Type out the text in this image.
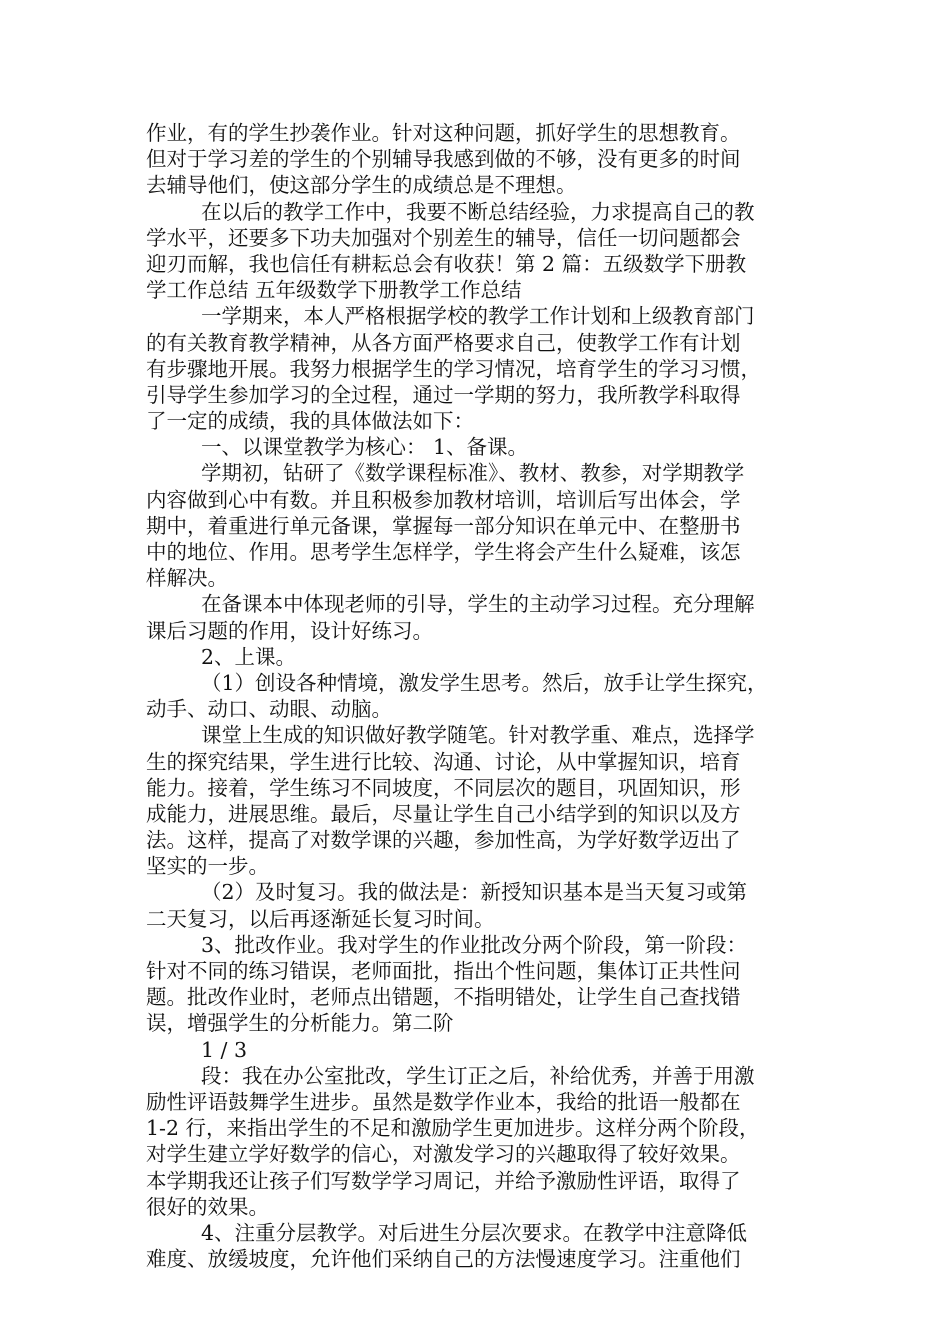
作业，有的学生抄袭作业。针对这种问题，抓好学生的思想教育。
但对于学习差的学生的个别辅导我感到做的不够，没有更多的时间
去辅导他们，使这部分学生的成绩总是不理想。
在以后的教学工作中，我要不断总结经验，力求提高自己的教
学水平，还要多下功夫加强对个别差生的辅导，信任一切问题都会
迎刃而解，我也信任有耕耘总会有收获！第 2 篇：五级数学下册教
学工作总结 五年级数学下册教学工作总结
一学期来，本人严格根据学校的教学工作计划和上级教育部门
的有关教育教学精神，从各方面严格要求自己，使教学工作有计划
有步骤地开展。我努力根据学生的学习情况，培育学生的学习习惯，
引导学生参加学习的全过程，通过一学期的努力，我所教学科取得
了一定的成绩，我的具体做法如下：
一、以课堂教学为核心： 1、备课。
学期初，钻研了《数学课程标准》、教材、教参，对学期教学
内容做到心中有数。并且积极参加教材培训，培训后写出体会，学
期中，着重进行单元备课，掌握每一部分知识在单元中、在整册书
中的地位、作用。思考学生怎样学，学生将会产生什么疑难，该怎
样解决。
在备课本中体现老师的引导，学生的主动学习过程。充分理解
课后习题的作用，设计好练习。
2、上课。
（1）创设各种情境，激发学生思考。然后，放手让学生探究，
动手、动口、动眼、动脑。
课堂上生成的知识做好教学随笔。针对教学重、难点，选择学
生的探究结果，学生进行比较、沟通、讨论，从中掌握知识，培育
能力。接着，学生练习不同坡度，不同层次的题目，巩固知识，形
成能力，进展思维。最后，尽量让学生自己小结学到的知识以及方
法。这样，提高了对数学课的兴趣，参加性高，为学好数学迈出了
坚实的一步。
（2）及时复习。我的做法是：新授知识基本是当天复习或第
二天复习，以后再逐渐延长复习时间。
3、批改作业。我对学生的作业批改分两个阶段，第一阶段：
针对不同的练习错误，老师面批，指出个性问题，集体订正共性问
题。批改作业时，老师点出错题，不指明错处，让学生自己查找错
误，增强学生的分析能力。第二阶
1 / 3
段：我在办公室批改，学生订正之后，补给优秀，并善于用激
励性评语鼓舞学生进步。虽然是数学作业本，我给的批语一般都在
1-2 行，来指出学生的不足和激励学生更加进步。这样分两个阶段，
对学生建立学好数学的信心，对激发学习的兴趣取得了较好效果。
本学期我还让孩子们写数学学习周记，并给予激励性评语，取得了
很好的效果。
4、注重分层教学。对后进生分层次要求。在教学中注意降低
难度、放缓坡度，允许他们采纳自己的方法慢速度学习。注重他们
